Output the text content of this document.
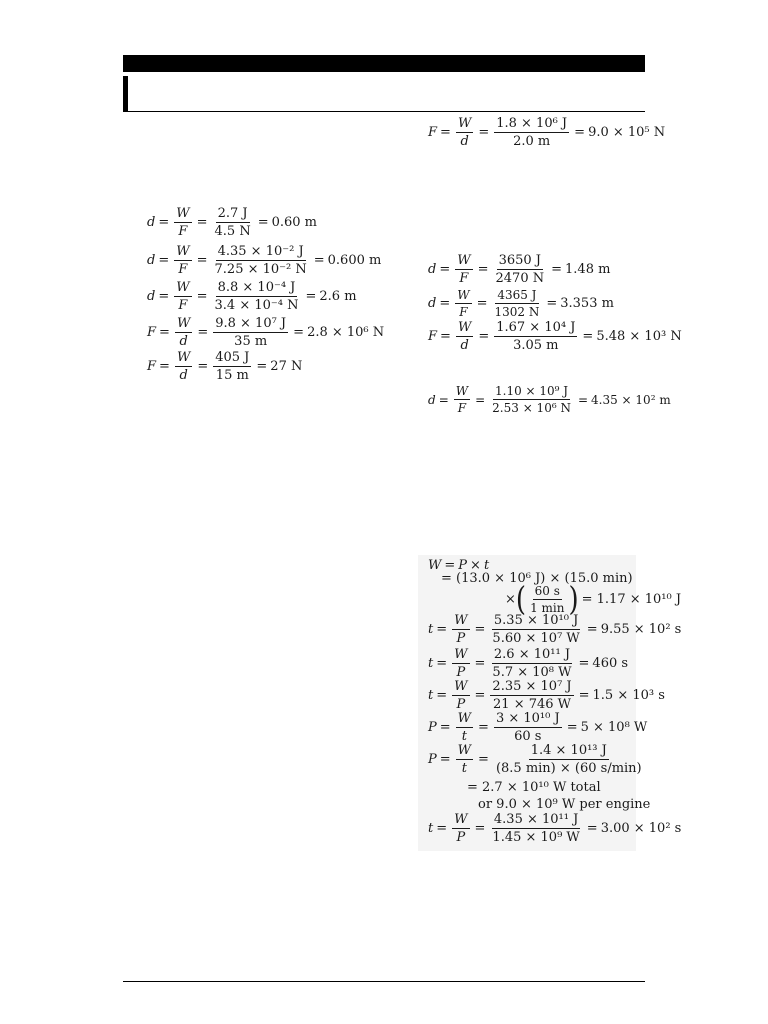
$F = \frac{W}{d} = \frac{\text{1.8 × 10⁶ J}}{2.0 m} = 9.0 \times 10^5$ N
$d = \frac{W}{F} = \frac{2.7 J}{4.5 N} = 0.60$ m
$d = \frac{W}{F} = \frac{\text{4.35 × 10⁻² J}}{\text{7.25 × 10⁻² N}} = 0.600$ m
$d = \frac{W}{F} = \frac{\text{8.8 × 10⁻⁴ J}}{\text{3.4 × 10⁻⁴ N}} = 2.6$ m
$F = \frac{W}{d} = \frac{\text{9.8 × 10⁷ J}}{35 m} = 2.8 \times 10^6$ N
$F = \frac{W}{d} = \frac{405 J}{15 m} = 27$ N
$d = \frac{W}{F} = \frac{3650 J}{2470 N} = 1.48$ m
$d = \frac{W}{F} = \frac{4365 J}{1302 N} = 3.353$ m
$F = \frac{W}{d} = \frac{\text{1.67 × 10⁴ J}}{3.05 m} = 5.48 \times 10^3$ N
$d = \frac{W}{F} = \frac{\text{1.10 × 10⁹ J}}{\text{2.53 × 10⁶ N}} = 4.35 \times 10^2$ m
W = P × t
= (13.0 × 10⁶ J) × (15.0 min)
× ( $\frac{60 s}{1 \min}$ ) = 1.17 × 10¹⁰ J
$t = \frac{W}{P} = \frac{\text{5.35 × 10¹⁰ J}}{\text{5.60 × 10⁷ W}} = 9.55 \times 10^2$ s
$t = \frac{W}{P} = \frac{\text{2.6 × 10¹¹ J}}{\text{5.7 × 10⁸ W}} = 460$ s
$t = \frac{W}{P} = \frac{\text{2.35 × 10⁷ J}}{21 \times 746 W} = 1.5 \times 10^3$ s
$P = \frac{W}{t} = \frac{\text{3 × 10¹⁰ J}}{60 s} = 5 \times 10^8$ W
$P = \frac{W}{t} = \frac{\text{1.4 × 10¹³ J}}{(8.5 \min) \times (60 s/\min)}$
= 2.7 × 10¹⁰ W total
or 9.0 × 10⁹ W per engine
$t = \frac{W}{P} = \frac{\text{4.35 × 10¹¹ J}}{\text{1.45 × 10⁹ W}} = 3.00 \times 10^2$ s
